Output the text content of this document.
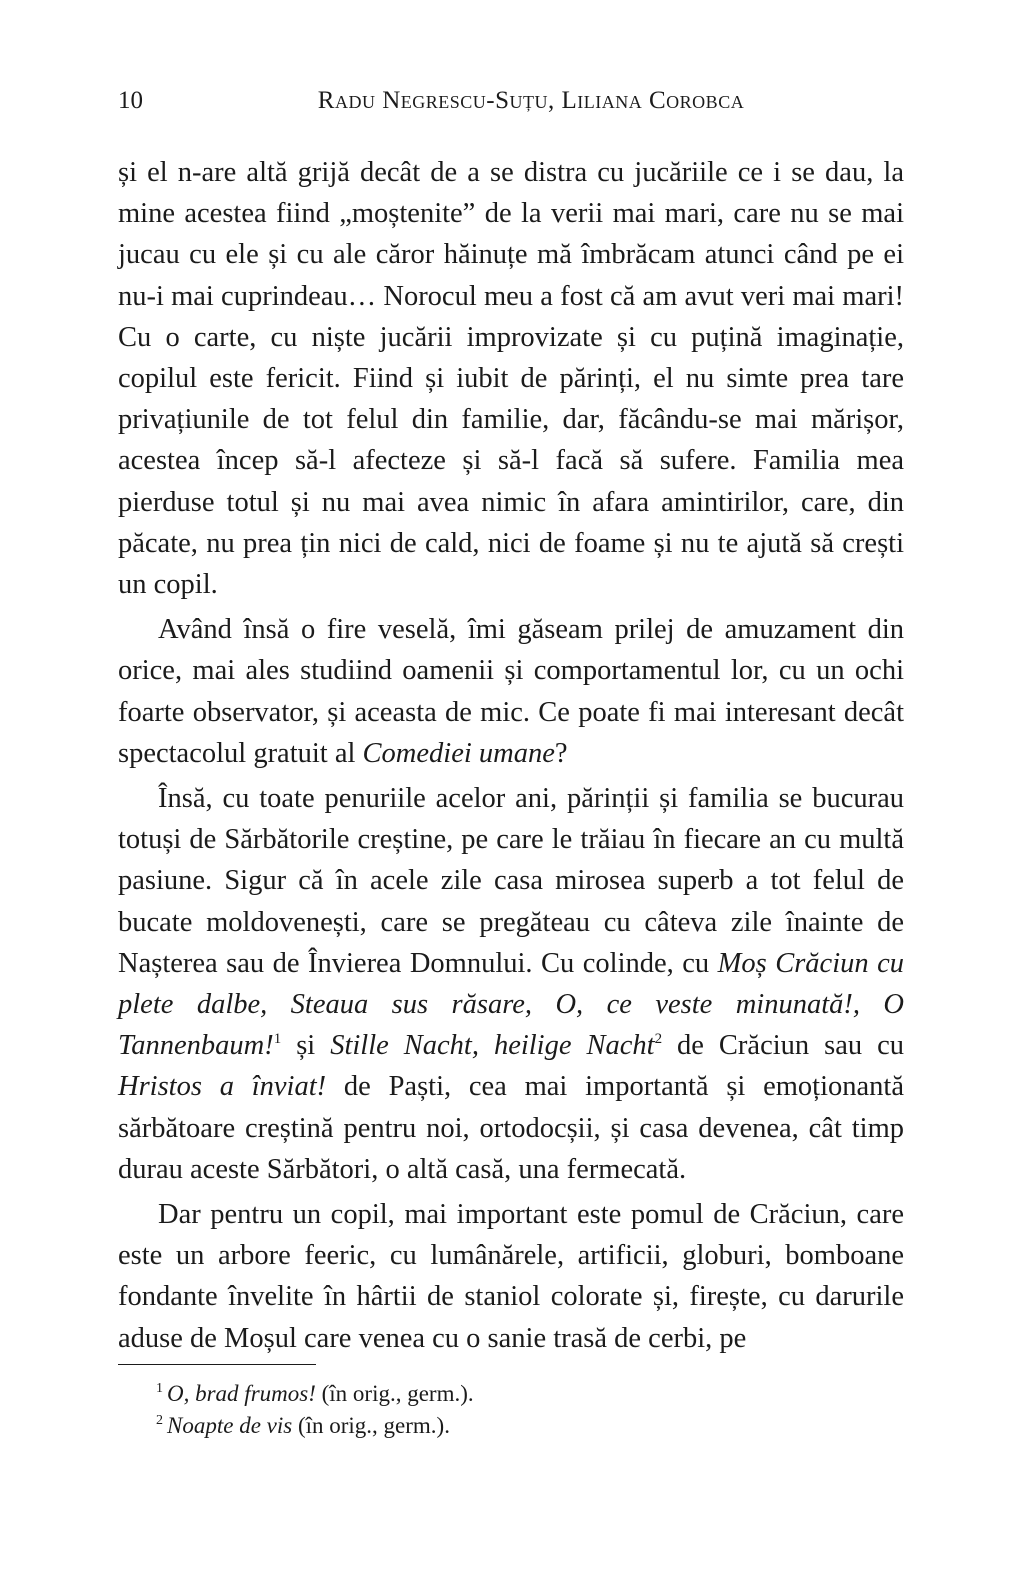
10	Radu Negrescu-Suțu, Liliana Corobca

și el n-are altă grijă decât de a se distra cu jucăriile ce i se dau, la mine acestea fiind „moștenite” de la verii mai mari, care nu se mai jucau cu ele și cu ale căror hăinuțe mă îmbrăcam atunci când pe ei nu-i mai cuprindeau… Norocul meu a fost că am avut veri mai mari! Cu o carte, cu niște jucării improvizate și cu puțină imaginație, copilul este fericit. Fiind și iubit de părinți, el nu simte prea tare privațiunile de tot felul din familie, dar, făcându-se mai mărișor, acestea încep să-l afecteze și să-l facă să sufere. Familia mea pierduse totul și nu mai avea nimic în afara amintirilor, care, din păcate, nu prea țin nici de cald, nici de foame și nu te ajută să crești un copil.

Având însă o fire veselă, îmi găseam prilej de amuzament din orice, mai ales studiind oamenii și comportamentul lor, cu un ochi foarte observator, și aceasta de mic. Ce poate fi mai interesant decât spectacolul gratuit al Comediei umane?

Însă, cu toate penuriile acelor ani, părinții și familia se bucurau totuși de Sărbătorile creștine, pe care le trăiau în fiecare an cu multă pasiune. Sigur că în acele zile casa mirosea superb a tot felul de bucate moldovenești, care se pregăteau cu câteva zile înainte de Nașterea sau de Învierea Domnului. Cu colinde, cu Moș Crăciun cu plete dalbe, Steaua sus răsare, O, ce veste minunată!, O Tannenbaum!$^1$ și Stille Nacht, heilige Nacht$^2$ de Crăciun sau cu Hristos a înviat! de Paști, cea mai importantă și emoționantă sărbătoare creștină pentru noi, ortodocșii, și casa devenea, cât timp durau aceste Sărbători, o altă casă, una fermecată.

Dar pentru un copil, mai important este pomul de Crăciun, care este un arbore feeric, cu lumânărele, artificii, globuri, bomboane fondante învelite în hârtii de staniol colorate și, firește, cu darurile aduse de Moșul care venea cu o sanie trasă de cerbi, pe

$^1$ O, brad frumos! (în orig., germ.).
$^2$ Noapte de vis (în orig., germ.).
